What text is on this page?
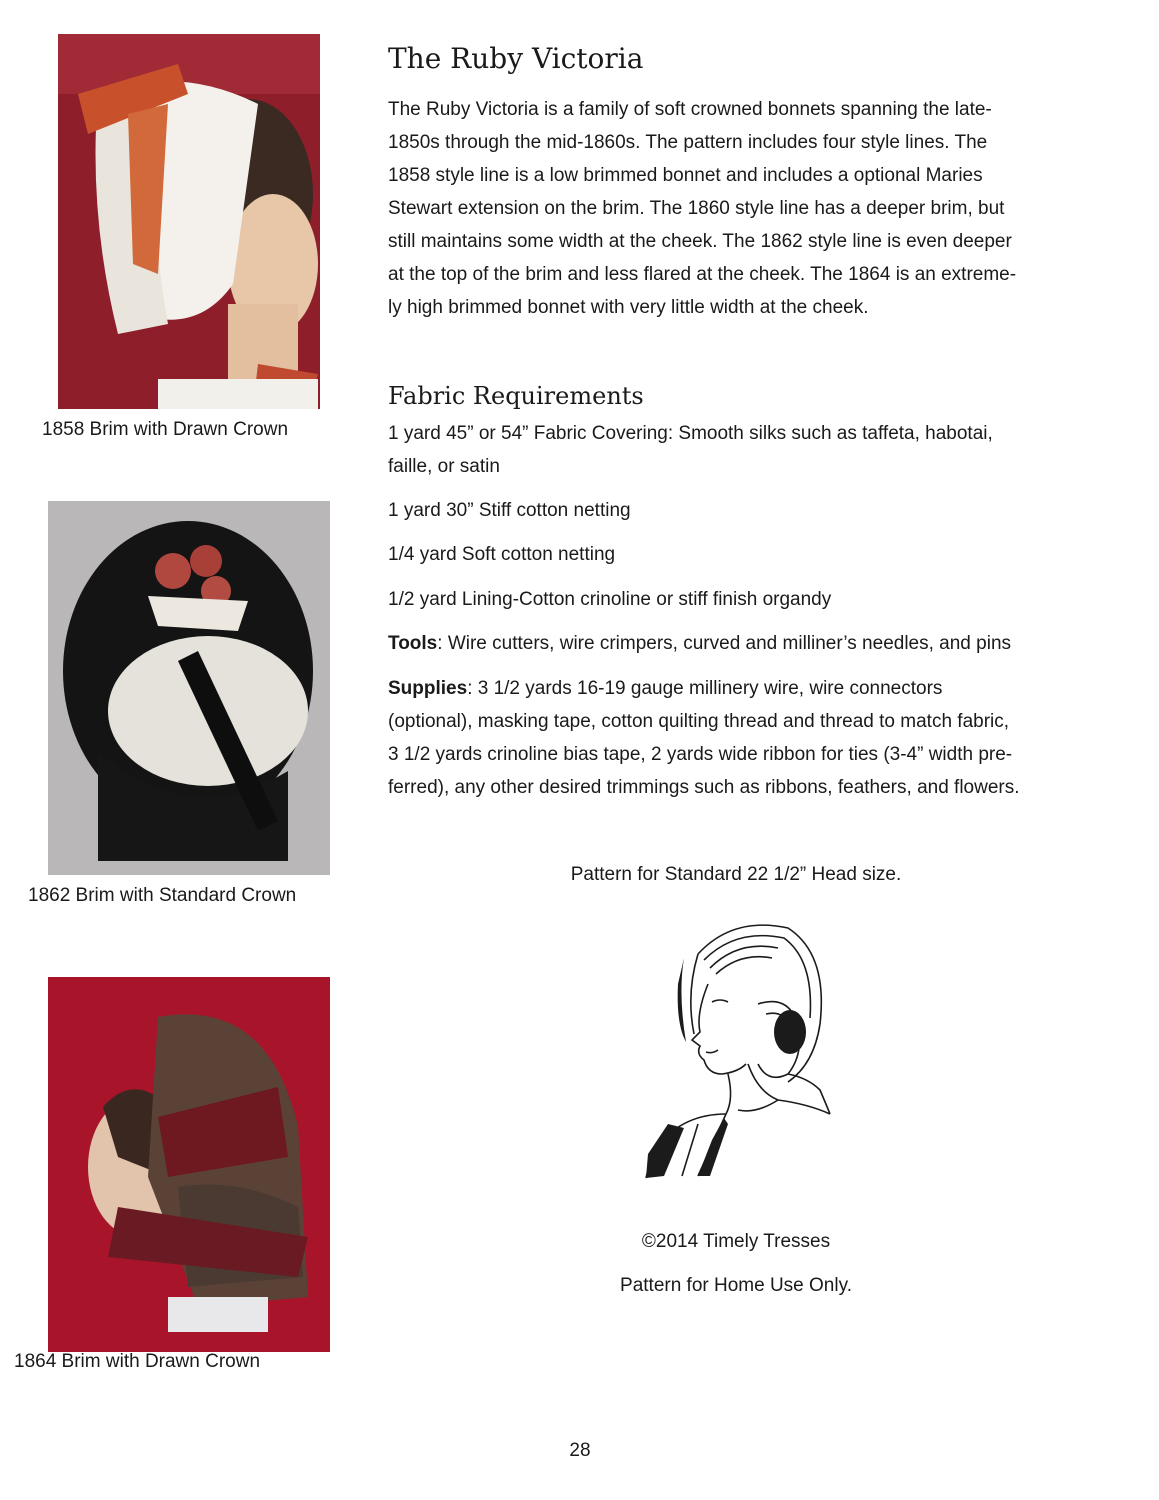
1858 Brim with Drawn Crown
1862 Brim with Standard Crown
1864 Brim with Drawn Crown
The Ruby Victoria
The Ruby Victoria is a family of soft crowned bonnets spanning the late-
1850s through the mid-1860s. The pattern includes four style lines. The
1858 style line is a low brimmed bonnet and includes a optional Maries
Stewart extension on the brim. The 1860 style line has a deeper brim, but
still maintains some width at the cheek. The 1862 style line is even deeper
at the top of the brim and less flared at the cheek. The 1864 is an extreme-
ly high brimmed bonnet with very little width at the cheek.
Fabric Requirements
1 yard 45” or 54” Fabric Covering: Smooth silks such as taffeta, habotai,
faille, or satin
1 yard 30” Stiff cotton netting
1/4 yard Soft cotton netting
1/2 yard Lining-Cotton crinoline or stiff finish organdy
Tools: Wire cutters, wire crimpers, curved and milliner’s needles, and pins
Supplies: 3 1/2 yards 16-19 gauge millinery wire, wire connectors
(optional), masking tape, cotton quilting thread and thread to match fabric,
3 1/2 yards crinoline bias tape, 2 yards wide ribbon for ties (3-4” width pre-
ferred), any other desired trimmings such as ribbons, feathers, and flowers.
Pattern for Standard 22 1/2” Head size.
©2014 Timely Tresses
Pattern for Home Use Only.
28
